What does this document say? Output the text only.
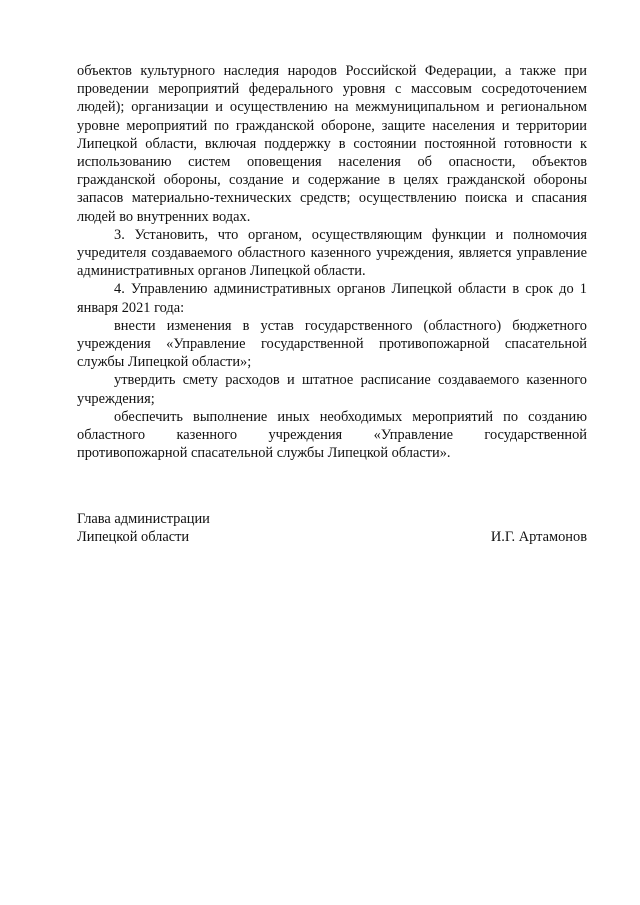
объектов культурного наследия народов Российской Федерации, а также при проведении мероприятий федерального уровня с массовым сосредоточением людей); организации и осуществлению на межмуниципальном и региональном уровне мероприятий по гражданской обороне, защите населения и территории Липецкой области, включая поддержку в состоянии постоянной готовности к использованию систем оповещения населения об опасности, объектов гражданской обороны, создание и содержание в целях гражданской обороны запасов материально-технических средств; осуществлению поиска и спасания людей во внутренних водах.

3. Установить, что органом, осуществляющим функции и полномочия учредителя создаваемого областного казенного учреждения, является управление административных органов Липецкой области.

4. Управлению административных органов Липецкой области в срок до 1 января 2021 года:

внести изменения в устав государственного (областного) бюджетного учреждения «Управление государственной противопожарной спасательной службы Липецкой области»;

утвердить смету расходов и штатное расписание создаваемого казенного учреждения;

обеспечить выполнение иных необходимых мероприятий по созданию областного казенного учреждения «Управление государственной противопожарной спасательной службы Липецкой области».

Глава администрации
Липецкой области	И.Г. Артамонов
